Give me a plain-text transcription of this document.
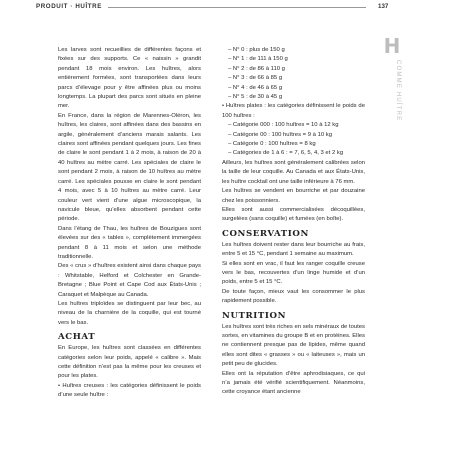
PRODUIT · HUÎTRE	137
H
COMME HUÎTRE

Les larves sont recueillies de différentes façons et fixées sur des supports. Ce « naissin » grandit pendant 18 mois environ. Les huîtres, alors entièrement formées, sont transportées dans leurs parcs d’élevage pour y être affinées plus ou moins longtemps. La plupart des parcs sont situés en pleine mer.

En France, dans la région de Marennes-Oléron, les huîtres, les claires, sont affinées dans des bassins en argile, généralement d’anciens marais salants. Les claires sont affinées pendant quelques jours. Les fines de claire le sont pendant 1 à 2 mois, à raison de 20 à 40 huîtres au mètre carré. Les spéciales de claire le sont pendant 2 mois, à raison de 10 huîtres au mètre carré. Les spéciales pousse en claire le sont pendant 4 mois, avec 5 à 10 huîtres au mètre carré. Leur couleur vert vient d’une algue microscopique, la navicule bleue, qu’elles absorbent pendant cette période.

Dans l’étang de Thau, les huîtres de Bouzigues sont élevées sur des « tables », complètement immergées pendant 8 à 11 mois et selon une méthode traditionnelle.

Des « crus » d’huîtres existent ainsi dans chaque pays : Whitstable, Helford et Colchester en Grande-Bretagne ; Blue Point et Cape Cod aux États-Unis ; Caraquet et Malpèque au Canada.

Les huîtres triploïdes se distinguent par leur bec, au niveau de la charnière de la coquille, qui est tourné vers le bas.

ACHAT

En Europe, les huîtres sont classées en différentes catégories selon leur poids, appelé « calibre ». Mais cette définition n’est pas la même pour les creuses et pour les plates.

• Huîtres creuses : les catégories définissent le poids d’une seule huître :

– N° 0 : plus de 150 g

– N° 1 : de 111 à 150 g

– N° 2 : de 86 à 110 g

– N° 3 : de 66 à 85 g

– N° 4 : de 46 à 65 g

– N° 5 : de 30 à 45 g

• Huîtres plates : les catégories définissent le poids de 100 huîtres :

– Catégorie 000 : 100 huîtres = 10 à 12 kg

– Catégorie 00 : 100 huîtres = 9 à 10 kg

– Catégorie 0 : 100 huîtres = 8 kg

– Catégories de 1 à 6 : = 7, 6, 5, 4, 3 et 2 kg

Ailleurs, les huîtres sont généralement calibrées selon la taille de leur coquille. Au Canada et aux États-Unis, les huître cocktail ont une taille inférieure à 76 mm.

Les huîtres se vendent en bourriche et par douzaine chez les poissonniers.

Elles sont aussi commercialisées décoquillées, surgelées (sans coquille) et fumées (en boîte).

CONSERVATION

Les huîtres doivent rester dans leur bourriche au frais, entre 5 et 15 °C, pendant 1 semaine au maximum.

Si elles sont en vrac, il faut les ranger coquille creuse vers le bas, recouvertes d’un linge humide et d’un poids, entre 5 et 15 °C.

De toute façon, mieux vaut les consommer le plus rapidement possible.

NUTRITION

Les huîtres sont très riches en sels minéraux de toutes sortes, en vitamines du groupe B et en protéines. Elles ne contiennent presque pas de lipides, même quand elles sont dites « grasses » ou « laiteuses », mais un petit peu de glucides.

Elles ont la réputation d’être aphrodisiaques, ce qui n’a jamais été vérifié scientifiquement. Néanmoins, cette croyance étant ancienne
